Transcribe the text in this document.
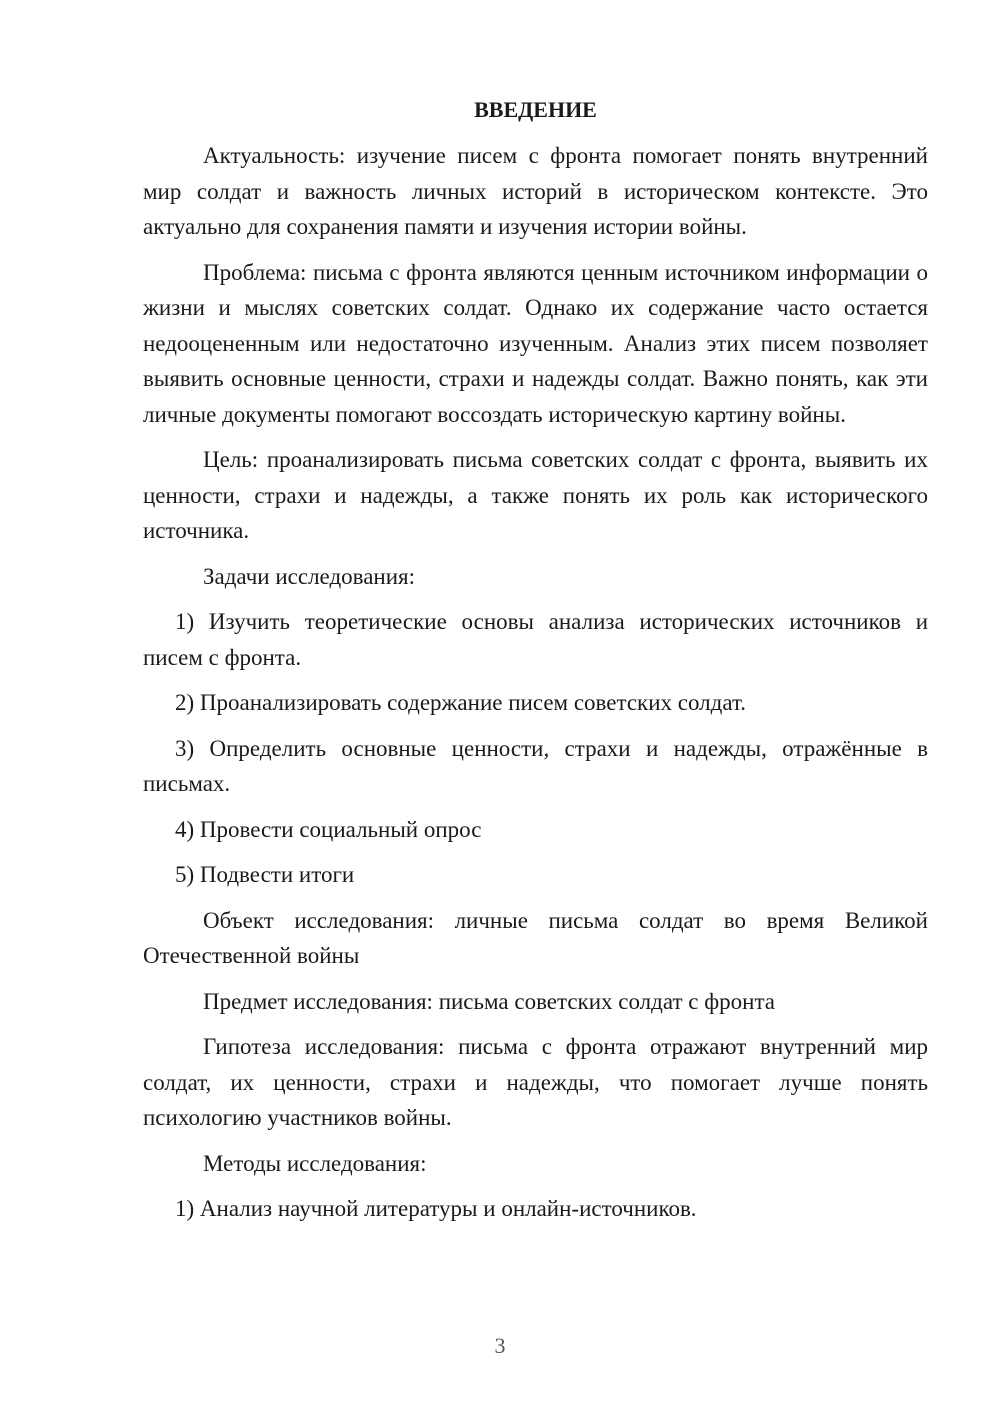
ВВЕДЕНИЕ

Актуальность: изучение писем с фронта помогает понять внутренний мир солдат и важность личных историй в историческом контексте. Это актуально для сохранения памяти и изучения истории войны.

Проблема: письма с фронта являются ценным источником информации о жизни и мыслях советских солдат. Однако их содержание часто остается недооцененным или недостаточно изученным. Анализ этих писем позволяет выявить основные ценности, страхи и надежды солдат. Важно понять, как эти личные документы помогают воссоздать историческую картину войны.

Цель: проанализировать письма советских солдат с фронта, выявить их ценности, страхи и надежды, а также понять их роль как исторического источника.

Задачи исследования:

1) Изучить теоретические основы анализа исторических источников и писем с фронта.

2) Проанализировать содержание писем советских солдат.

3) Определить основные ценности, страхи и надежды, отражённые в письмах.

4) Провести социальный опрос

5) Подвести итоги

Объект исследования: личные письма солдат во время Великой Отечественной войны

Предмет исследования: письма советских солдат с фронта

Гипотеза исследования: письма с фронта отражают внутренний мир солдат, их ценности, страхи и надежды, что помогает лучше понять психологию участников войны.

Методы исследования:

1) Анализ научной литературы и онлайн-источников.

3
